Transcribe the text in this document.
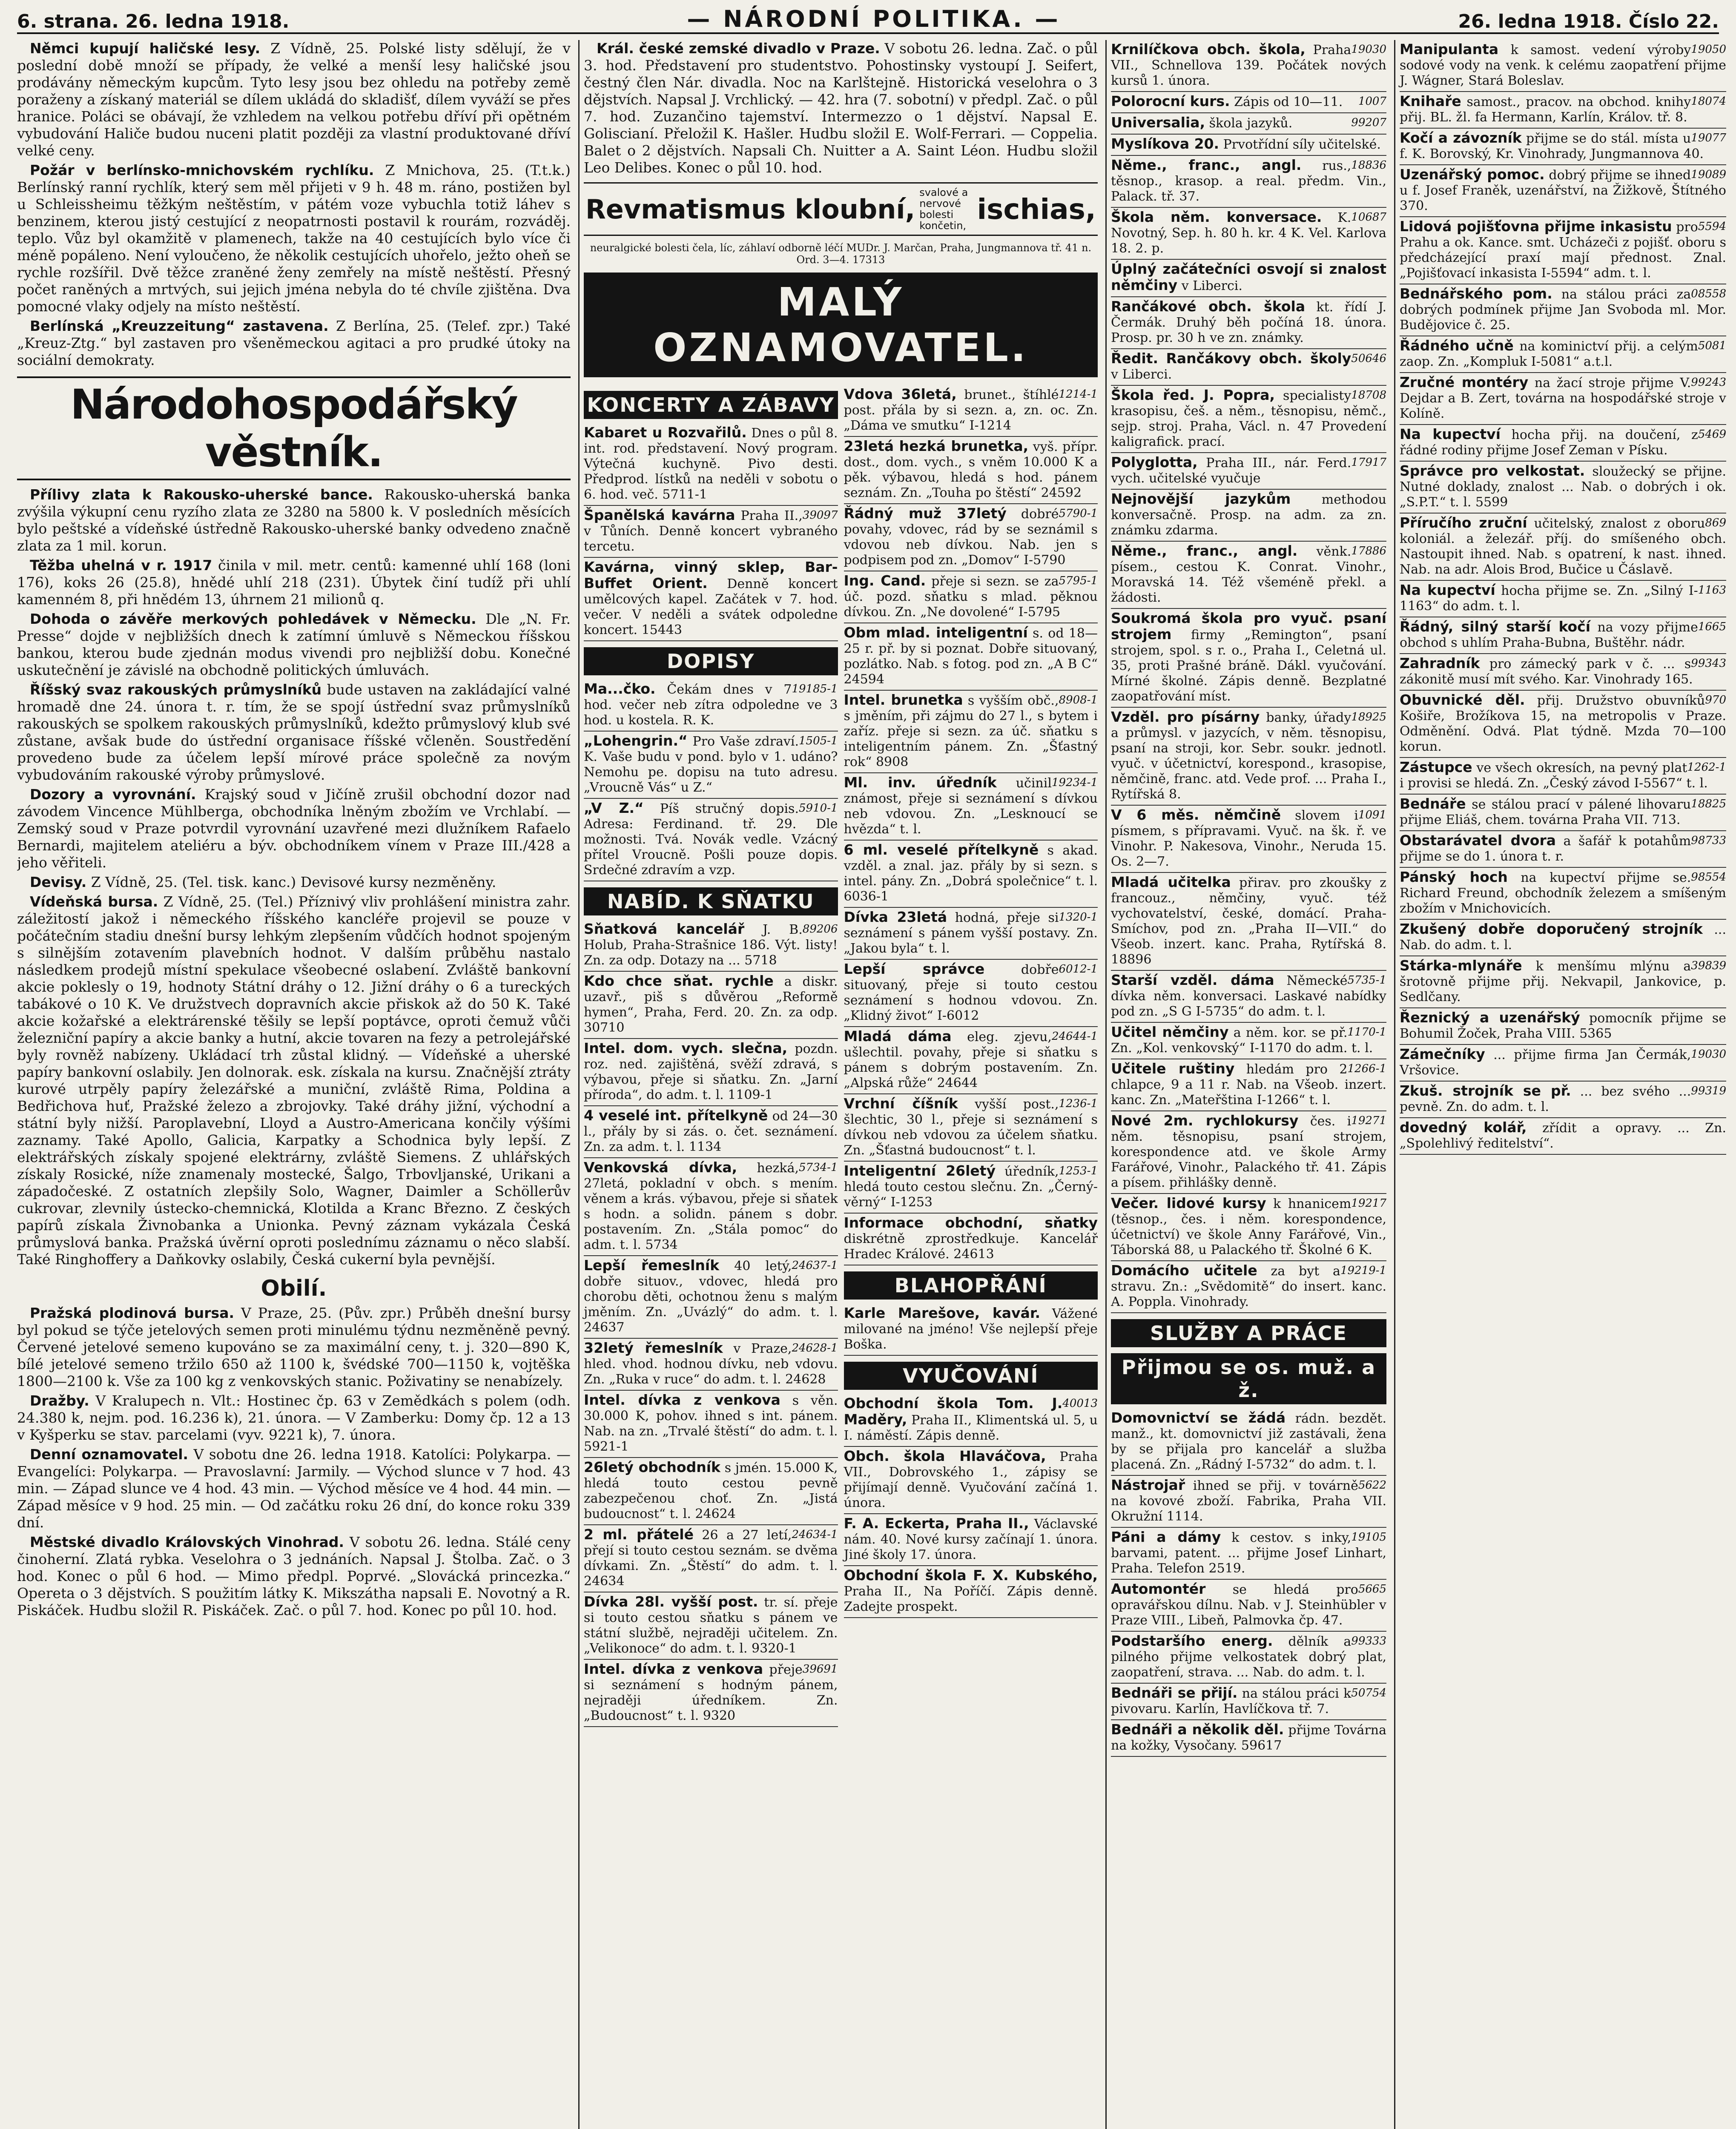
6. strana. 26. ledna 1918.	— NÁRODNÍ POLITIKA. —	26. ledna 1918. Číslo 22.

Němci kupují haličské lesy. Z Vídně, 25. Polské listy sdělují, že v poslední době množí se případy, že velké a menší lesy haličské jsou prodávány německým kupcům. Tyto lesy jsou bez ohledu na potřeby země poraženy a získaný materiál se dílem ukládá do skladišť, dílem vyváží se přes hranice. Poláci se obávají, že vzhledem na velkou potřebu dříví při opětném vybudování Haliče budou nuceni platit později za vlastní produktované dříví velké ceny.

Požár v berlínsko-mnichovském rychlíku. Z Mnichova, 25. (T.t.k.) Berlínský ranní rychlík, který sem měl přijeti v 9 h. 48 m. ráno, postižen byl u Schleissheimu těžkým neštěstím, v pátém voze vybuchla totiž láhev s benzinem, kterou jistý cestující z neopatrnosti postavil k rourám, rozváděj. teplo. Vůz byl okamžitě v plamenech, takže na 40 cestujících bylo více či méně popáleno. Není vyloučeno, že několik cestujících uhořelo, ježto oheň se rychle rozšířil. Dvě těžce zraněné ženy zemřely na místě neštěstí. Přesný počet raněných a mrtvých, sui jejich jména nebyla do té chvíle zjištěna. Dva pomocné vlaky odjely na místo neštěstí.

Berlínská „Kreuzzeitung“ zastavena. Z Berlína, 25. (Telef. zpr.) Také „Kreuz-Ztg.“ byl zastaven pro všeněmeckou agitaci a pro prudké útoky na sociální demokraty.

Národohospodářský věstník.

Přílivy zlata k Rakousko-uherské bance. Rakousko-uherská banka zvýšila výkupní cenu ryzího zlata ze 3280 na 5800 k. V posledních měsících bylo peštské a vídeňské ústředně Rakousko-uherské banky odvedeno značně zlata za 1 mil. korun.

Těžba uhelná v r. 1917 činila v mil. metr. centů: kamenné uhlí 168 (loni 176), koks 26 (25.8), hnědé uhlí 218 (231). Úbytek činí tudíž při uhlí kamenném 8, při hnědém 13, úhrnem 21 milionů q.

Dohoda o závěře merkových pohledávek v Německu. Dle „N. Fr. Presse“ dojde v nejbližších dnech k zatímní úmluvě s Německou říšskou bankou, kterou bude zjednán modus vivendi pro nejbližší dobu. Konečné uskutečnění je závislé na obchodně politických úmluvách.

Říšský svaz rakouských průmyslníků bude ustaven na zakládající valné hromadě dne 24. února t. r. tím, že se spojí ústřední svaz průmyslníků rakouských se spolkem rakouských průmyslníků, kdežto průmyslový klub své zůstane, avšak bude do ústřední organisace říšské včleněn. Soustředění provedeno bude za účelem lepší mírové práce společně za novým vybudováním rakouské výroby průmyslové.

Dozory a vyrovnání. Krajský soud v Jičíně zrušil obchodní dozor nad závodem Vincence Mühlberga, obchodníka lněným zbožím ve Vrchlabí. — Zemský soud v Praze potvrdil vyrovnání uzavřené mezi dlužníkem Rafaelo Bernardi, majitelem ateliéru a býv. obchodníkem vínem v Praze III./428 a jeho věřiteli.

Devisy. Z Vídně, 25. (Tel. tisk. kanc.) Devisové kursy nezměněny.

Vídeňská bursa. Z Vídně, 25. (Tel.) Příznivý vliv prohlášení ministra zahr. záležitostí jakož i německého říšského kancléře projevil se pouze v počátečním stadiu dnešní bursy lehkým zlepšením vůdčích hodnot spojeným s silnějším zotavením plavebních hodnot. V dalším průběhu nastalo následkem prodejů místní spekulace všeobecné oslabení. Zvláště bankovní akcie poklesly o 19, hodnoty Státní dráhy o 12. Jižní dráhy o 6 a tureckých tabákové o 10 K. Ve družstvech dopravních akcie přiskok až do 50 K. Také akcie kožařské a elektrárenské těšily se lepší poptávce, oproti čemuž vůči železniční papíry a akcie banky a hutní, akcie tovaren na fezy a petrolejářské byly rovněž nabízeny. Ukládací trh zůstal klidný. — Vídeňské a uherské papíry bankovní oslabily. Jen dolnorak. esk. získala na kursu. Značnější ztráty kurové utrpěly papíry železářské a muniční, zvláště Rima, Poldina a Bedřichova huť, Pražské železo a zbrojovky. Také dráhy jižní, východní a státní byly nižší. Paroplavební, Lloyd a Austro-Americana končily výšími zaznamy. Také Apollo, Galicia, Karpatky a Schodnica byly lepší. Z elektrářských získaly spojené elektrárny, zvláště Siemens. Z uhlářských získaly Rosické, níže znamenaly mostecké, Šalgo, Trbovljanské, Urikani a západočeské. Z ostatních zlepšily Solo, Wagner, Daimler a Schöllerův cukrovar, zlevnily ústecko-chemnická, Klotilda a Kranc Březno. Z českých papírů získala Živnobanka a Unionka. Pevný záznam vykázala Česká průmyslová banka. Pražská úvěrní oproti poslednímu záznamu o něco slabší. Také Ringhoffery a Daňkovky oslabily, Česká cukerní byla pevnější.

Obilí.

Pražská plodinová bursa. V Praze, 25. (Pův. zpr.) Průběh dnešní bursy byl pokud se týče jetelových semen proti minulému týdnu nezměněně pevný. Červené jetelové semeno kupováno se za maximální ceny, t. j. 320—890 K, bílé jetelové semeno tržilo 650 až 1100 k, švédské 700—1150 k, vojtěška 1800—2100 k. Vše za 100 kg z venkovských stanic. Poživatiny se nenabízely.

Dražby. V Kralupech n. Vlt.: Hostinec čp. 63 v Zemědkách s polem (odh. 24.380 k, nejm. pod. 16.236 k), 21. února. — V Zamberku: Domy čp. 12 a 13 v Kyšperku se stav. parcelami (vyv. 9221 k), 7. února.

Denní oznamovatel. V sobotu dne 26. ledna 1918. Katolíci: Polykarpa. — Evangelíci: Polykarpa. — Pravoslavní: Jarmily. — Východ slunce v 7 hod. 43 min. — Západ slunce ve 4 hod. 43 min. — Východ měsíce ve 4 hod. 44 min. — Západ měsíce v 9 hod. 25 min. — Od začátku roku 26 dní, do konce roku 339 dní.

Městské divadlo Královských Vinohrad. V sobotu 26. ledna. Stálé ceny činoherní. Zlatá rybka. Veselohra o 3 jednáních. Napsal J. Štolba. Zač. o 3 hod. Konec o půl 6 hod. — Mimo předpl. Poprvé. „Slovácká princezka.“ Opereta o 3 dějstvích. S použitím látky K. Mikszátha napsali E. Novotný a R. Piskáček. Hudbu složil R. Piskáček. Zač. o půl 7. hod. Konec po půl 10. hod.

Král. české zemské divadlo v Praze. V sobotu 26. ledna. Zač. o půl 3. hod. Představení pro studentstvo. Pohostinsky vystoupí J. Seifert, čestný člen Nár. divadla. Noc na Karlštejně. Historická veselohra o 3 dějstvích. Napsal J. Vrchlický. — 42. hra (7. sobotní) v předpl. Zač. o půl 7. hod. Zuzančino tajemství. Intermezzo o 1 dějství. Napsal E. Goliscianí. Přeložil K. Hašler. Hudbu složil E. Wolf-Ferrari. — Coppelia. Balet o 2 dějstvích. Napsali Ch. Nuitter a A. Saint Léon. Hudbu složil Leo Delibes. Konec o půl 10. hod.

Revmatismus kloubní,
svalové a nervové bolesti končetin,
ischias,
neuralgické bolesti čela, líc, záhlaví odborně léčí MUDr. J. Marčan, Praha, Jungmannova tř. 41 n. Ord. 3—4. 17313
MALÝ OZNAMOVATEL.
KONCERTY A ZÁBAVY
Kabaret u Rozvařilů. Dnes o půl 8. int. rod. představení. Nový program. Výtečná kuchyně. Pivo desti. Předprod. lístků na neděli v sobotu o 6. hod. več. 5711-1
39097
Španělská kavárna Praha II., v Tůních. Denně koncert vybraného tercetu.
Kavárna, vinný sklep, Bar-Buffet Orient. Denně koncert umělcových kapel. Začátek v 7. hod. večer. V neděli a svátek odpoledne koncert. 15443
DOPISY
19185-1
Ma...čko. Čekám dnes v 7 hod. večer neb zítra odpoledne ve 3 hod. u kostela. R. K.
1505-1
„Lohengrin.“ Pro Vaše zdraví. K. Vaše budu v pond. bylo v 1. udáno? Nemohu pe. dopisu na tuto adresu. „Vroucně Vás“ u Z.“
5910-1
„V Z.“ Píš stručný dopis. Adresa: Ferdinand. tř. 29. Dle možnosti. Tvá. Novák vedle. Vzácný přítel Vroucně. Pošli pouze dopis. Srdečné zdravím a vzp.
NABÍD. K SŇATKU
89206
Sňatková kancelář J. B. Holub, Praha-Strašnice 186. Výt. listy! Zn. za odp. Dotazy na ... 5718
Kdo chce sňat. rychle a diskr. uzavř., piš s důvěrou „Reformě hymen“, Praha, Ferd. 20. Zn. za odp. 30710
Intel. dom. vych. slečna, pozdn. roz. ned. zajištěná, svěží zdravá, s výbavou, přeje si sňatku. Zn. „Jarní příroda“, do adm. t. l. 1109-1
4 veselé int. přítelkyně od 24—30 l., přály by si zás. o. čet. seznámení. Zn. za adm. t. l. 1134
5734-1
Venkovská dívka, hezká, 27letá, pokladní v obch. s mením. věnem a krás. výbavou, přeje si sňatek s hodn. a solidn. pánem s dobr. postavením. Zn. „Stála pomoc“ do adm. t. l. 5734
24637-1
Lepší řemeslník 40 letý, dobře situov., vdovec, hledá pro chorobu děti, ochotnou ženu s malým jměním. Zn. „Uvázlý“ do adm. t. l. 24637
24628-1
32letý řemeslník v Praze, hled. vhod. hodnou dívku, neb vdovu. Zn. „Ruka v ruce“ do adm. t. l. 24628
Intel. dívka z venkova s věn. 30.000 K, pohov. ihned s int. pánem. Nab. na zn. „Trvalé štěstí“ do adm. t. l. 5921-1
26letý obchodník s jmén. 15.000 K, hledá touto cestou pevně zabezpečenou choť. Zn. „Jistá budoucnost“ t. l. 24624
24634-1
2 ml. přátelé 26 a 27 letí, přejí si touto cestou seznám. se dvěma dívkami. Zn. „Štěstí“ do adm. t. l. 24634
Dívka 28l. vyšší post. tr. sí. přeje si touto cestou sňatku s pánem ve státní službě, nejraději učitelem. Zn. „Velikonoce“ do adm. t. l. 9320-1
39691
Intel. dívka z venkova přeje si seznámení s hodným pánem, nejraději úředníkem. Zn. „Budoucnost“ t. l. 9320
1214-1
Vdova 36letá, brunet., štíhlé post. přála by si sezn. a, zn. oc. Zn. „Dáma ve smutku“ I-1214
23letá hezká brunetka, vyš. přípr. dost., dom. vych., s vněm 10.000 K a pěk. výbavou, hledá s hod. pánem seznám. Zn. „Touha po štěstí“ 24592
5790-1
Řádný muž 37letý dobré povahy, vdovec, rád by se seznámil s vdovou neb dívkou. Nab. jen s podpisem pod zn. „Domov“ I-5790
5795-1
Ing. Cand. přeje si sezn. se za úč. pozd. sňatku s mlad. pěknou dívkou. Zn. „Ne dovolené“ I-5795
Obm mlad. inteligentní s. od 18—25 r. př. by si poznat. Dobře situovaný, pozlátko. Nab. s fotog. pod zn. „A B C“ 24594
8908-1
Intel. brunetka s vyšším obč., s jměním, při zájmu do 27 l., s bytem i zaříz. přeje si sezn. za úč. sňatku s inteligentním pánem. Zn. „Šťastný rok“ 8908
19234-1
Ml. inv. úředník učinil známost, přeje si seznámení s dívkou neb vdovou. Zn. „Lesknoucí se hvězda“ t. l.
6 ml. veselé přítelkyně s akad. vzděl. a znal. jaz. přály by si sezn. s intel. pány. Zn. „Dobrá společnice“ t. l. 6036-1
1320-1
Dívka 23letá hodná, přeje si seznámení s pánem vyšší postavy. Zn. „Jakou byla“ t. l.
6012-1
Lepší správce	dobře situovaný, přeje si touto cestou seznámení s hodnou vdovou. Zn. „Klidný život“ I-6012
24644-1
Mladá dáma eleg. zjevu, ušlechtil. povahy, přeje si sňatku s pánem s dobrým postavením. Zn. „Alpská růže“ 24644
1236-1
Vrchní číšník vyšší post., šlechtic, 30 l., přeje si seznámení s dívkou neb vdovou za účelem sňatku. Zn. „Šťastná budoucnost“ t. l.
1253-1
Inteligentní 26letý úředník, hledá touto cestou slečnu. Zn. „Černý-věrný“ I-1253
Informace obchodní, sňatky diskrétně zprostředkuje. Kancelář Hradec Králové. 24613
BLAHOPŘÁNÍ
Karle Marešove, kavár. Vážené milované na jméno! Vše nejlepší přeje Boška.
VYUČOVÁNÍ
40013
Obchodní škola Tom. J. Maděry, Praha II., Klimentská ul. 5, u I. náměstí. Zápis denně.
Obch. škola Hlaváčova, Praha VII., Dobrovského 1., zápisy se přijímají denně. Vyučování začíná 1. února.
F. A. Eckerta, Praha II., Václavské nám. 40. Nové kursy začínají 1. února. Jiné školy 17. února.
Obchodní škola F. X. Kubského, Praha II., Na Poříčí. Zápis denně. Zadejte prospekt.
19030
Krnilíčkova obch. škola, Praha VII., Schnellova 139. Počátek nových kursů 1. února.
1007
Polorocní kurs. Zápis od 10—11.
99207
Universalia, škola jazyků.
Myslíkova 20. Prvotřídní síly učitelské.
18836
Něme., franc., angl. rus., těsnop., krasop. a real. předm. Vin., Palack. tř. 37.
10687
Škola něm. konversace. K. Novotný, Sep. h. 80 h. kr. 4 K. Vel. Karlova 18. 2. p.
Úplný začátečníci osvojí si znalost němčiny v Liberci.
Rančákové obch. škola kt. řídí J. Čermák. Druhý běh počíná 18. února. Prosp. pr. 30 h ve zn. známky.
50646
Ředit. Rančákovy obch. školy v Liberci.
18708
Škola řed. J. Popra, specialisty krasopisu, češ. a něm., těsnopisu, němč., sejp. stroj. Praha, Václ. n. 47 Provedení kaligrafick. prací.
17917
Polyglotta, Praha III., nár. Ferd. vych. učitelské vyučuje
Nejnovější jazykům methodou konversačně. Prosp. na adm. za zn. známku zdarma.
17886
Něme., franc., angl. věnk. písem., cestou K. Conrat. Vinohr., Moravská 14. Též všeméně překl. a žádosti.
Soukromá škola pro vyuč. psaní strojem firmy „Remington“, psaní strojem, spol. s r. o., Praha I., Celetná ul. 35, proti Prašné bráně. Dákl. vyučování. Mírné školné. Zápis denně. Bezplatné zaopatřování míst.
18925
Vzděl. pro písárny banky, úřady a průmysl. v jazycích, v něm. těsnopisu, psaní na stroji, kor. Sebr. soukr. jednotl. vyuč. v účetnictví, korespond., krasopise, němčině, franc. atd. Vede prof. ... Praha I., Rytířská 8.
1091
V 6 měs. němčině slovem i písmem, s přípravami. Vyuč. na šk. ř. ve Vinohr. P. Nakesova, Vinohr., Neruda 15. Os. 2—7.
Mladá učitelka přirav. pro zkoušky z francouz., němčiny, vyuč. též vychovatelství, české, domácí. Praha-Smíchov, pod zn. „Praha II—VII.“ do Všeob. inzert. kanc. Praha, Rytířská 8. 18896
5735-1
Starší vzděl. dáma Německé dívka něm. konversaci. Laskavé nabídky pod zn. „S G I-5735“ do adm. t. l.
1170-1
Učitel němčiny a něm. kor. se př. Zn. „Kol. venkovský“ I-1170 do adm. t. l.
1266-1
Učitele ruštiny hledám pro 2 chlapce, 9 a 11 r. Nab. na Všeob. inzert. kanc. Zn. „Mateřština I-1266“ t. l.
19271
Nové 2m. rychlokursy čes. i něm. těsnopisu, psaní strojem, korespondence atd. ve škole Army Farářové, Vinohr., Palackého tř. 41. Zápis a písem. přihlášky denně.
19217
Večer. lidové kursy k hnanicem (těsnop., čes. i něm. korespondence, účetnictví) ve škole Anny Farářové, Vin., Táborská 88, u Palackého tř. Školné 6 K.
19219-1
Domácího učitele za byt a stravu. Zn.: „Svědomitě“ do insert. kanc. A. Poppla. Vinohrady.
SLUŽBY A PRÁCE
Přijmou se os. muž. a ž.
Domovnictví se žádá rádn. bezdět. manž., kt. domovnictví již zastávali, žena by se přijala pro kancelář a služba placená. Zn. „Rádný I-5732“ do adm. t. l.
5622
Nástrojař ihned se přij. v továrně na kovové zboží. Fabrika, Praha VII. Okružní 1114.
19105
Páni a dámy k cestov. s inky, barvami, patent. ... přijme Josef Linhart, Praha. Telefon 2519.
5665
Automontér se hledá pro opravářskou dílnu. Nab. v J. Steinhübler v Praze VIII., Libeň, Palmovka čp. 47.
99333
Podstaršího energ. dělník a pilného přijme velkostatek dobrý plat, zaopatření, strava. ... Nab. do adm. t. l.
50754
Bednáři se přijí. na stálou práci k pivovaru. Karlín, Havlíčkova tř. 7.
Bednáři a několik děl. přijme Továrna na kožky, Vysočany. 59617
19050
Manipulanta k samost. vedení výroby sodové vody na venk. k celému zaopatření přijme J. Wágner, Stará Boleslav.
18074
Knihaře samost., pracov. na obchod. knihy přij. BL. žl. fa Hermann, Karlín, Králov. tř. 8.
19077
Kočí a závozník přijme se do stál. místa u f. K. Borovský, Kr. Vinohrady, Jungmannova 40.
19089
Uzenářský pomoc. dobrý přijme se ihned u f. Josef Franěk, uzenářství, na Žižkově, Štítného 370.
5594
Lidová pojišťovna přijme inkasistu pro Prahu a ok. Kance. smt. Ucházeči z pojišť. oboru s předcházející praxí mají přednost. Znal. „Pojišťovací inkasista I-5594“ adm. t. l.
08558
Bednářského pom. na stálou práci za dobrých podmínek přijme Jan Svoboda ml. Mor. Budějovice č. 25.
5081
Řádného učně na kominictví přij. a celým zaop. Zn. „Kompluk I-5081“ a.t.l.
99243
Zručné montéry na žací stroje přijme V. Dejdar a B. Zert, továrna na hospodářské stroje v Kolíně.
5469
Na kupectví hocha přij. na doučení, z řádné rodiny přijme Josef Zeman v Písku.
Správce pro velkostat. sloužecký se přijne. Nutné doklady, znalost ... Nab. o dobrých i ok. „S.P.T.“ t. l. 5599
869
Příručího zruční učitelský, znalost z oboru koloniál. a železář. příj. do smíšeného obch. Nastoupit ihned. Nab. s opatrení, k nast. ihned. Nab. na adr. Alois Brod, Bučice u Čáslavě.
1163
Na kupectví hocha přijme se. Zn. „Silný I-1163“ do adm. t. l.
1665
Řádný, silný starší kočí na vozy přijme obchod s uhlím Praha-Bubna, Buštěhr. nádr.
99343
Zahradník pro zámecký park v č. ... s zákonitě musí mít svého. Kar. Vinohrady 165.
970
Obuvnické děl. přij. Družstvo obuvníků Košiře, Brožíkova 15, na metropolis v Praze. Odměnění. Odvá. Plat týdně. Mzda 70—100 korun.
1262-1
Zástupce ve všech okresích, na pevný plat i provisi se hledá. Zn. „Český závod I-5567“ t. l.
18825
Bednáře se stálou prací v pálené lihovaru přijme Eliáš, chem. továrna Praha VII. 713.
98733
Obstarávatel dvora a šafář k potahům přijme se do 1. února t. r.
98554
Pánský hoch na kupectví přijme se. Richard Freund, obchodník železem a smíšeným zbožím v Mnichovicích.
Zkušený dobře doporučený strojník ... Nab. do adm. t. l.
39839
Stárka-mlynáře k menšímu mlýnu a šrotovně přijme přij. Nekvapil, Jankovice, p. Sedlčany.
Řeznický a uzenářský pomocník přijme se Bohumil Žoček, Praha VIII. 5365
19030
Zámečníky ... přijme firma Jan Čermák, Vršovice.
99319
Zkuš. strojník se př. ... bez svého ... pevně. Zn. do adm. t. l.
dovedný kolář, zřídit a opravy. ... Zn. „Spolehlivý ředitelství“.
